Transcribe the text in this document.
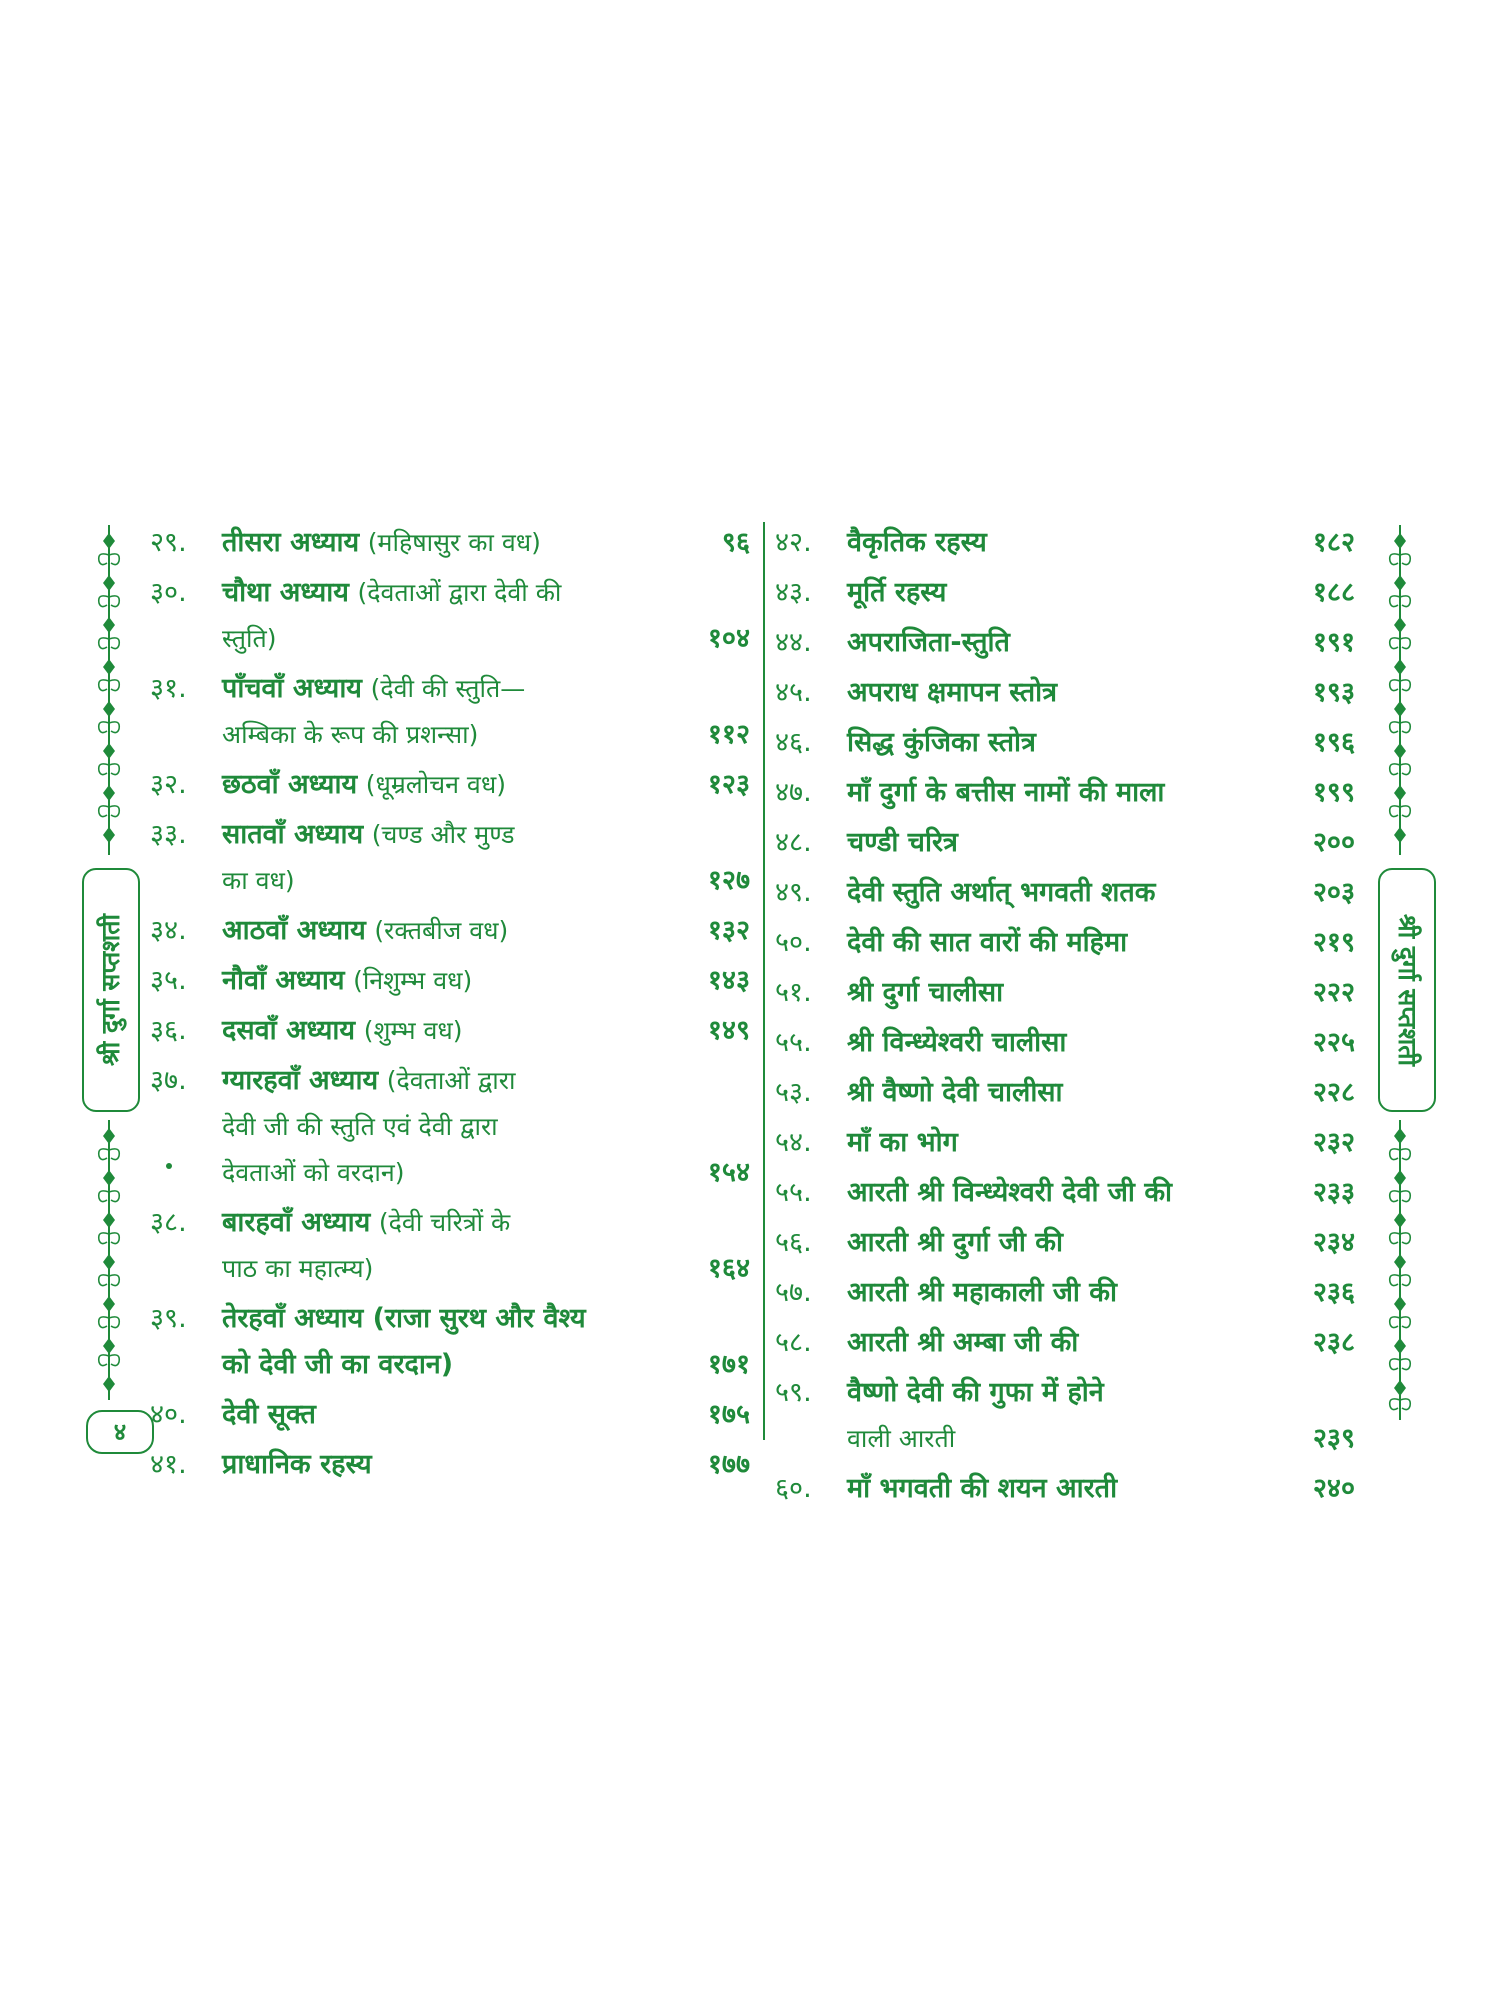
श्री दुर्गा सप्तशती
४
श्री दुर्गा सप्तशती
२९.	तीसरा अध्याय (महिषासुर का वध)	९६
३०.	चौथा अध्याय (देवताओं द्वारा देवी की
स्तुति)	१०४
३१.	पाँचवाँ अध्याय (देवी की स्तुति—
अम्बिका के रूप की प्रशन्सा)	११२
३२.	छठवाँ अध्याय (धूम्रलोचन वध)	१२३
३३.	सातवाँ अध्याय (चण्ड और मुण्ड
का वध)	१२७
३४.	आठवाँ अध्याय (रक्तबीज वध)	१३२
३५.	नौवाँ अध्याय (निशुम्भ वध)	१४३
३६.	दसवाँ अध्याय (शुम्भ वध)	१४९
३७.	ग्यारहवाँ अध्याय (देवताओं द्वारा
देवी जी की स्तुति एवं देवी द्वारा
देवताओं को वरदान)	१५४
३८.	बारहवाँ अध्याय (देवी चरित्रों के
पाठ का महात्म्य)	१६४
३९.	तेरहवाँ अध्याय (राजा सुरथ और वैश्य
को देवी जी का वरदान)	१७१
४०.	देवी सूक्त	१७५
४१.	प्राधानिक रहस्य	१७७
४२.	वैकृतिक रहस्य	१८२
४३.	मूर्ति रहस्य	१८८
४४.	अपराजिता-स्तुति	१९१
४५.	अपराध क्षमापन स्तोत्र	१९३
४६.	सिद्ध कुंजिका स्तोत्र	१९६
४७.	माँ दुर्गा के बत्तीस नामों की माला	१९९
४८.	चण्डी चरित्र	२००
४९.	देवी स्तुति अर्थात् भगवती शतक	२०३
५०.	देवी की सात वारों की महिमा	२१९
५१.	श्री दुर्गा चालीसा	२२२
५५.	श्री विन्ध्येश्वरी चालीसा	२२५
५३.	श्री वैष्णो देवी चालीसा	२२८
५४.	माँ का भोग	२३२
५५.	आरती श्री विन्ध्येश्वरी देवी जी की	२३३
५६.	आरती श्री दुर्गा जी की	२३४
५७.	आरती श्री महाकाली जी की	२३६
५८.	आरती श्री अम्बा जी की	२३८
५९.	वैष्णो देवी की गुफा में होने
वाली आरती	२३९
६०.	माँ भगवती की शयन आरती	२४०
